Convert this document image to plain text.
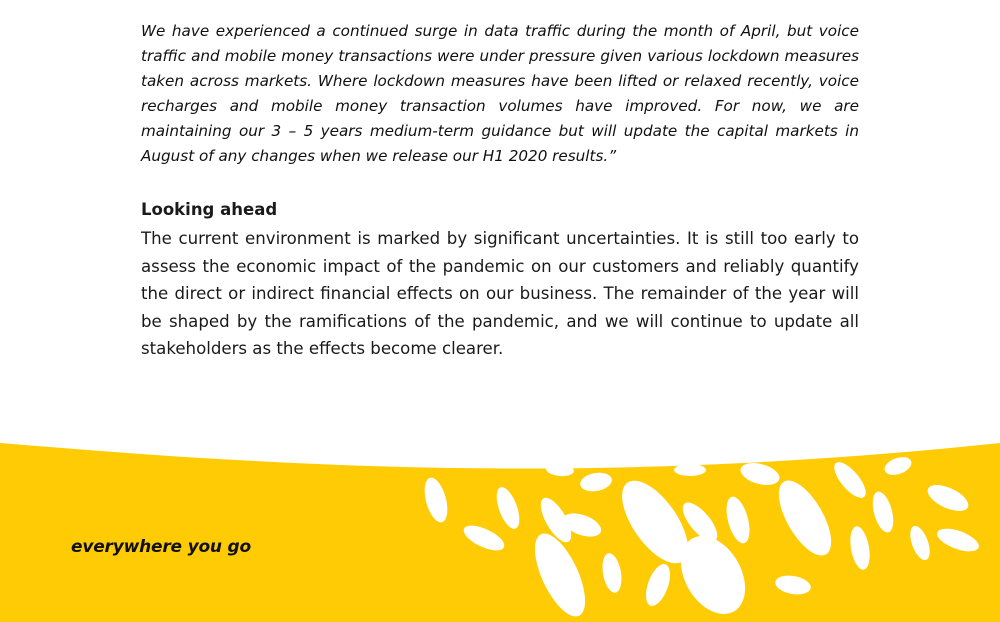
We have experienced a continued surge in data traffic during the month of April, but voice traffic and mobile money transactions were under pressure given various lockdown measures taken across markets. Where lockdown measures have been lifted or relaxed recently, voice recharges and mobile money transaction volumes have improved. For now, we are maintaining our 3 – 5 years medium-term guidance but will update the capital markets in August of any changes when we release our H1 2020 results.”

Looking ahead

The current environment is marked by significant uncertainties. It is still too early to assess the economic impact of the pandemic on our customers and reliably quantify the direct or indirect financial effects on our business. The remainder of the year will be shaped by the ramifications of the pandemic, and we will continue to update all stakeholders as the effects become clearer.

everywhere you go
